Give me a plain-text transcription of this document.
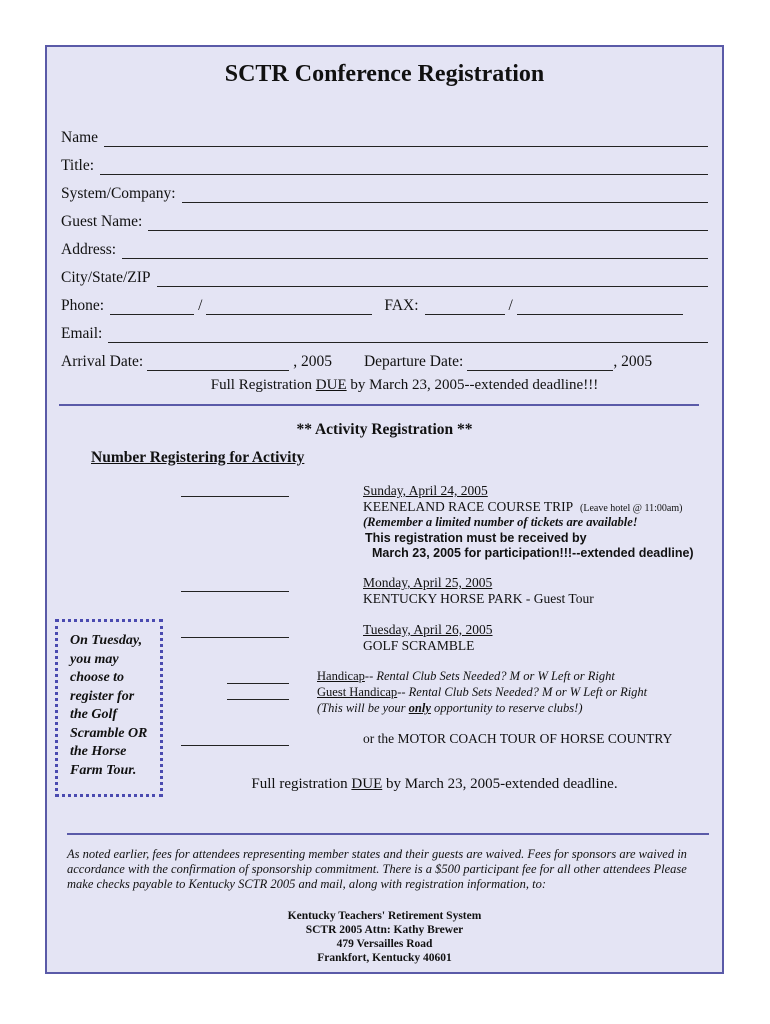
SCTR Conference Registration
Name
Title:
System/Company:
Guest Name:
Address:
City/State/ZIP
Phone:	/	FAX:	/
Email:
Arrival Date:	, 2005 Departure Date:	, 2005
Full Registration DUE by March 23, 2005--extended deadline!!!
** Activity Registration **
Number Registering for Activity
Sunday, April 24, 2005
KEENELAND RACE COURSE TRIP (Leave hotel @ 11:00am)
(Remember a limited number of tickets are available!
This registration must be received by
March 23, 2005 for participation!!!--extended deadline)
Monday, April 25, 2005
KENTUCKY HORSE PARK - Guest Tour
Tuesday, April 26, 2005
GOLF SCRAMBLE
Handicap-- Rental Club Sets Needed? M or W Left or Right
Guest Handicap-- Rental Club Sets Needed? M or W Left or Right
(This will be your only opportunity to reserve clubs!)
or the MOTOR COACH TOUR OF HORSE COUNTRY
On Tuesday,
you may
choose to
register for
the Golf
Scramble OR
the Horse
Farm Tour.
Full registration DUE by March 23, 2005-extended deadline.
As noted earlier, fees for attendees representing member states and their guests are waived. Fees for sponsors are waived in accordance with the confirmation of sponsorship commitment. There is a $500 participant fee for all other attendees Please make checks payable to Kentucky SCTR 2005 and mail, along with registration information, to:
Kentucky Teachers' Retirement System
SCTR 2005 Attn: Kathy Brewer
479 Versailles Road
Frankfort, Kentucky 40601
